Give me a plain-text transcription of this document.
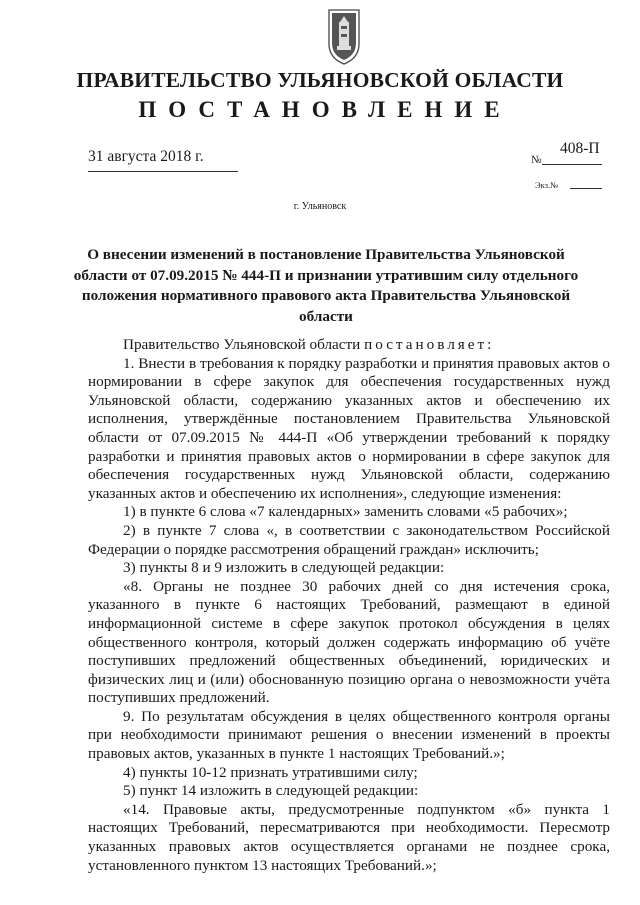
ПРАВИТЕЛЬСТВО УЛЬЯНОВСКОЙ ОБЛАСТИ
ПОСТАНОВЛЕНИЕ
31 августа 2018 г.	№
408-П
Экз.№
г. Ульяновск
О внесении изменений в постановление Правительства Ульяновской области от 07.09.2015 № 444-П и признании утратившим силу отдельного положения нормативного правового акта Правительства Ульяновской области

Правительство Ульяновской области постановляет:

1. Внести в требования к порядку разработки и принятия правовых актов о нормировании в сфере закупок для обеспечения государственных нужд Ульяновской области, содержанию указанных актов и обеспечению их исполнения, утверждённые постановлением Правительства Ульяновской области от 07.09.2015 № 444-П «Об утверждении требований к порядку разработки и принятия правовых актов о нормировании в сфере закупок для обеспечения государственных нужд Ульяновской области, содержанию указанных актов и обеспечению их исполнения», следующие изменения:

1) в пункте 6 слова «7 календарных» заменить словами «5 рабочих»;

2) в пункте 7 слова «, в соответствии с законодательством Российской Федерации о порядке рассмотрения обращений граждан» исключить;

3) пункты 8 и 9 изложить в следующей редакции:

«8. Органы не позднее 30 рабочих дней со дня истечения срока, указанного в пункте 6 настоящих Требований, размещают в единой информационной системе в сфере закупок протокол обсуждения в целях общественного контроля, который должен содержать информацию об учёте поступивших предложений общественных объединений, юридических и физических лиц и (или) обоснованную позицию органа о невозможности учёта поступивших предложений.

9. По результатам обсуждения в целях общественного контроля органы при необходимости принимают решения о внесении изменений в проекты правовых актов, указанных в пункте 1 настоящих Требований.»;

4) пункты 10-12 признать утратившими силу;

5) пункт 14 изложить в следующей редакции:

«14. Правовые акты, предусмотренные подпунктом «б» пункта 1 настоящих Требований, пересматриваются при необходимости. Пересмотр указанных правовых актов осуществляется органами не позднее срока, установленного пунктом 13 настоящих Требований.»;
